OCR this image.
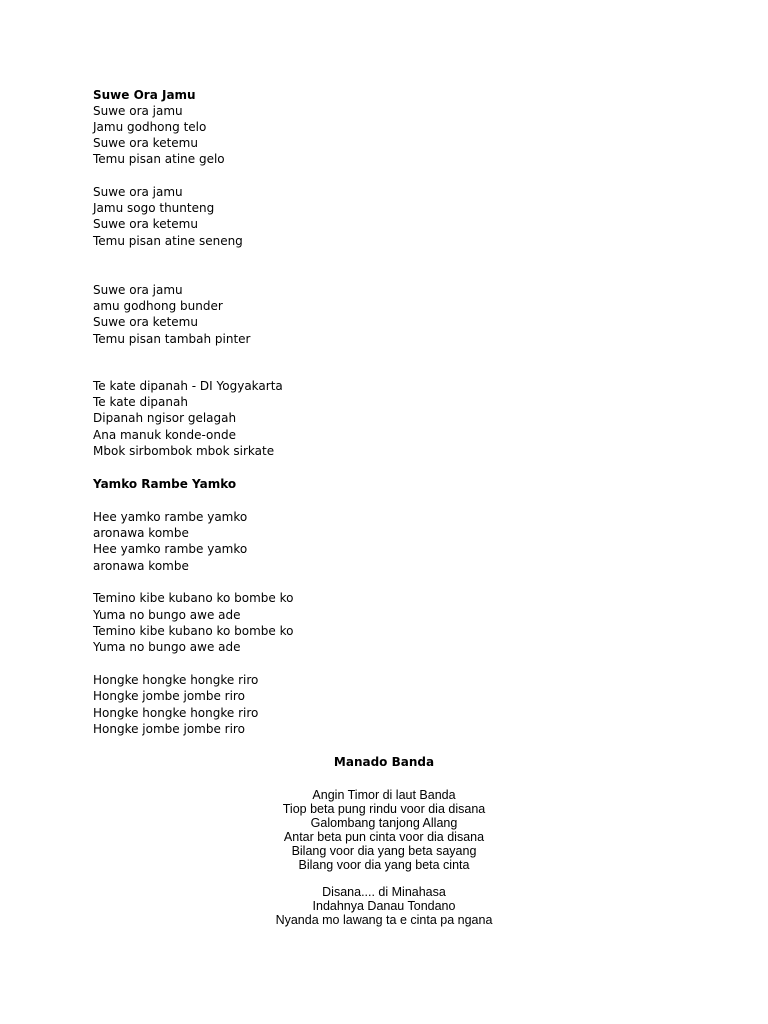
Suwe Ora Jamu
Suwe ora jamu
Jamu godhong telo
Suwe ora ketemu
Temu pisan atine gelo
Suwe ora jamu
Jamu sogo thunteng
Suwe ora ketemu
Temu pisan atine seneng
Suwe ora jamu
amu godhong bunder
Suwe ora ketemu
Temu pisan tambah pinter
Te kate dipanah - DI Yogyakarta
Te kate dipanah
Dipanah ngisor gelagah
Ana manuk konde-onde
Mbok sirbombok mbok sirkate
Yamko Rambe Yamko
Hee yamko rambe yamko
aronawa kombe
Hee yamko rambe yamko
aronawa kombe
Temino kibe kubano ko bombe ko
Yuma no bungo awe ade
Temino kibe kubano ko bombe ko
Yuma no bungo awe ade
Hongke hongke hongke riro
Hongke jombe jombe riro
Hongke hongke hongke riro
Hongke jombe jombe riro
Manado Banda
Angin Timor di laut Banda
Tiop beta pung rindu voor dia disana
Galombang tanjong Allang
Antar beta pun cinta voor dia disana
Bilang voor dia yang beta sayang
Bilang voor dia yang beta cinta
Disana.... di Minahasa
Indahnya Danau Tondano
Nyanda mo lawang ta e cinta pa ngana
